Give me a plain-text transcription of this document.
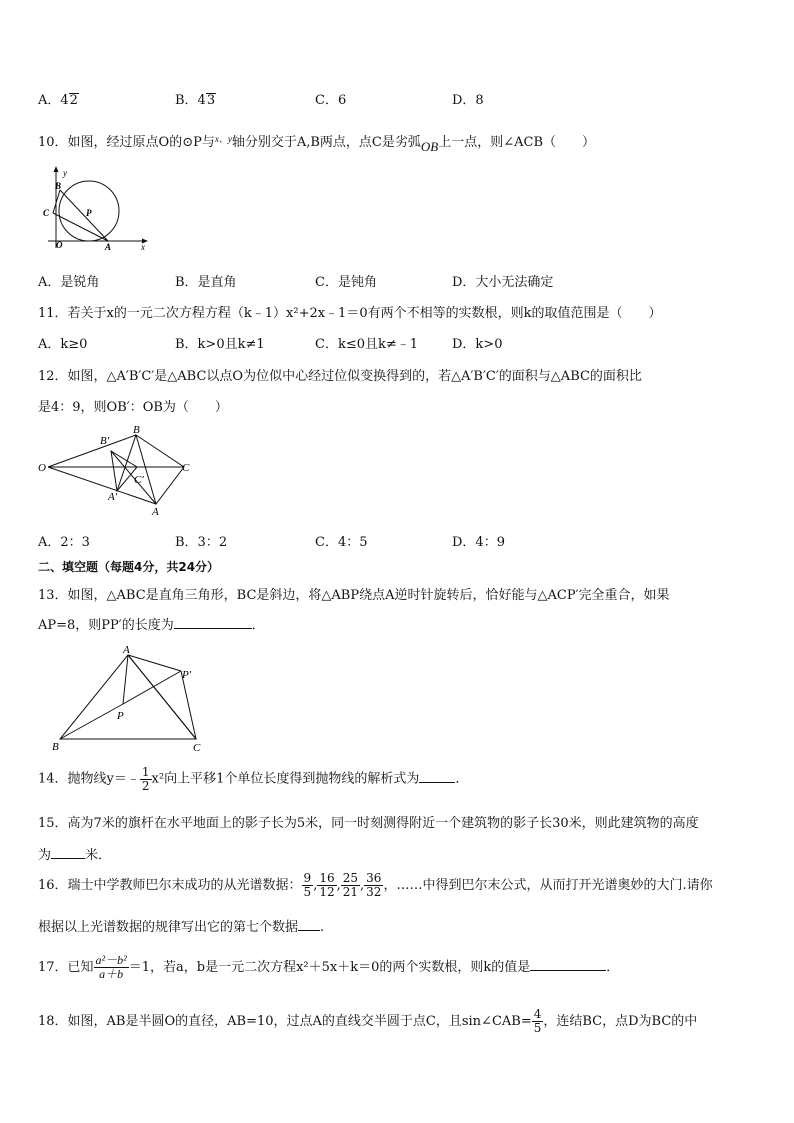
A．42	B．43	C．6	D．8
10．如图，经过原点O的⊙P与$^{x、y}$轴分别交于A,B两点，点C是劣弧OB上一点，则∠ACB（　　）
y
B
C	P
O	A	x
A．是锐角	B．是直角	C．是钝角	D．大小无法确定
11．若关于x的一元二次方程方程（k﹣1）x²+2x﹣1＝0有两个不相等的实数根，则k的取值范围是（　　）
A．k≥0	B．k>0且k≠1	C．k≤0且k≠﹣1	D．k>0
12．如图，△A′B′C′是△ABC以点O为位似中心经过位似变换得到的，若△A′B′C′的面积与△ABC的面积比
是4：9，则OB′：OB为（　　）
O
B′
B
C
C′
A′
A
A．2：3	B．3：2	C．4：5	D．4：9
二、填空题（每题4分，共24分）
13．如图，△ABC是直角三角形，BC是斜边，将△ABP绕点A逆时针旋转后，恰好能与△ACP′完全重合，如果
AP=8，则PP′的长度为	．
A
P′
P
B	C
14．抛物线y＝﹣ $\frac{1}{2} x^2$向上平移1个单位长度得到抛物线的解析式为	．
15．高为7米的旗杆在水平地面上的影子长为5米，同一时刻测得附近一个建筑物的影子长30米，则此建筑物的高度
为	米．
16．瑞士中学教师巴尔末成功的从光谱数据： $\frac{9}{5}$ , $\frac{16}{12}$ , $\frac{25}{21}$ , $\frac{36}{32}$ ，……中得到巴尔末公式，从而打开光谱奥妙的大门.请你
根据以上光谱数据的规律写出它的第七个数据 .
17．已知 $\frac{\text{a²－b²}}{a+b} =1$，若a，b是一元二次方程x²＋5x＋k＝0的两个实数根，则k的值是	．
18．如图，AB是半圆O的直径，AB=10，过点A的直线交半圆于点C，且sin∠CAB= $\frac{4}{5}$ ，连结BC，点D为BC的中
